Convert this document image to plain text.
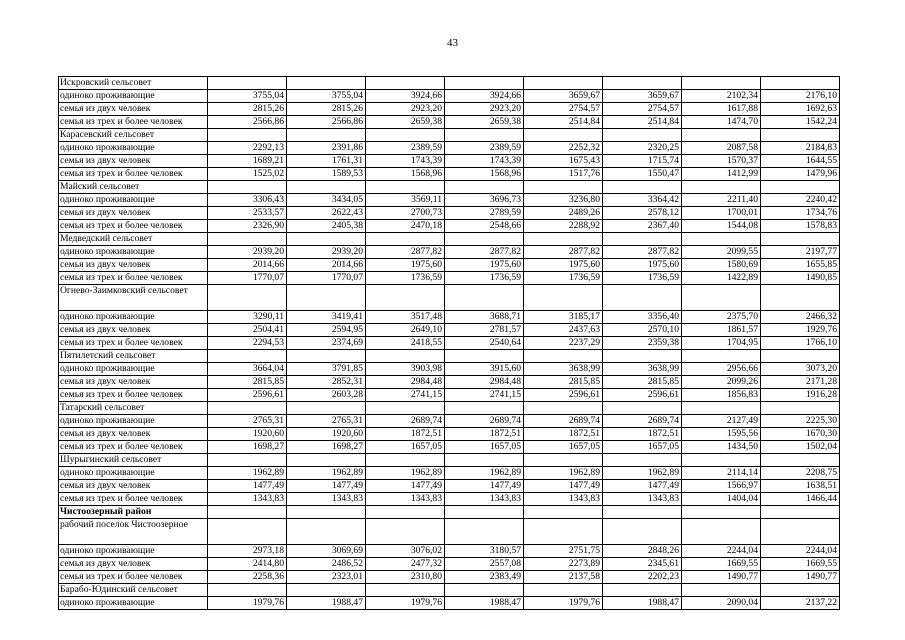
43
Искровский сельсовет								
одиноко проживающие	3755,04	3755,04	3924,66	3924,66	3659,67	3659,67	2102,34	2176,10
семья из двух человек	2815,26	2815,26	2923,20	2923,20	2754,57	2754,57	1617,88	1692,63
семья из трех и более человек	2566,86	2566,86	2659,38	2659,38	2514,84	2514,84	1474,70	1542,24
Карасевский сельсовет								
одиноко проживающие	2292,13	2391,86	2389,59	2389,59	2252,32	2320,25	2087,58	2184,83
семья из двух человек	1689,21	1761,31	1743,39	1743,39	1675,43	1715,74	1570,37	1644,55
семья из трех и более человек	1525,02	1589,53	1568,96	1568,96	1517,76	1550,47	1412,99	1479,96
Майский сельсовет								
одиноко проживающие	3306,43	3434,05	3569,11	3696,73	3236,80	3364,42	2211,40	2240,42
семья из двух человек	2533,57	2622,43	2700,73	2789,59	2489,26	2578,12	1700,01	1734,76
семья из трех и более человек	2326,90	2405,38	2470,18	2548,66	2288,92	2367,40	1544,08	1578,83
Медведский сельсовет								
одиноко проживающие	2939,20	2939,20	2877,82	2877,82	2877,82	2877,82	2099,55	2197,77
семья из двух человек	2014,66	2014,66	1975,60	1975,60	1975,60	1975,60	1580,69	1655,85
семья из трех и более человек	1770,07	1770,07	1736,59	1736,59	1736,59	1736,59	1422,89	1490,85
Огнево-Заимковский сельсовет								
одиноко проживающие	3290,11	3419,41	3517,48	3688,71	3185,17	3356,40	2375,70	2466,32
семья из двух человек	2504,41	2594,95	2649,10	2781,57	2437,63	2570,10	1861,57	1929,76
семья из трех и более человек	2294,53	2374,69	2418,55	2540,64	2237,29	2359,38	1704,95	1766,10
Пятилетский сельсовет								
одиноко проживающие	3664,04	3791,85	3903,98	3915,60	3638,99	3638,99	2956,66	3073,20
семья из двух человек	2815,85	2852,31	2984,48	2984,48	2815,85	2815,85	2099,26	2171,28
семья из трех и более человек	2596,61	2603,28	2741,15	2741,15	2596,61	2596,61	1856,83	1916,28
Татарский сельсовет								
одиноко проживающие	2765,31	2765,31	2689,74	2689,74	2689,74	2689,74	2127,49	2225,30
семья из двух человек	1920,60	1920,60	1872,51	1872,51	1872,51	1872,51	1595,56	1670,30
семья из трех и более человек	1698,27	1698,27	1657,05	1657,05	1657,05	1657,05	1434,50	1502,04
Шурыгинский сельсовет								
одиноко проживающие	1962,89	1962,89	1962,89	1962,89	1962,89	1962,89	2114,14	2208,75
семья из двух человек	1477,49	1477,49	1477,49	1477,49	1477,49	1477,49	1566,97	1638,51
семья из трех и более человек	1343,83	1343,83	1343,83	1343,83	1343,83	1343,83	1404,04	1466,44
Чистоозерный район								
рабочий поселок Чистоозерное								
одиноко проживающие	2973,18	3069,69	3076,02	3180,57	2751,75	2848,26	2244,04	2244,04
семья из двух человек	2414,80	2486,52	2477,32	2557,08	2273,89	2345,61	1669,55	1669,55
семья из трех и более человек	2258,36	2323,01	2310,80	2383,49	2137,58	2202,23	1490,77	1490,77
Барабо-Юдинский сельсовет								
одиноко проживающие	1979,76	1988,47	1979,76	1988,47	1979,76	1988,47	2090,04	2137,22
